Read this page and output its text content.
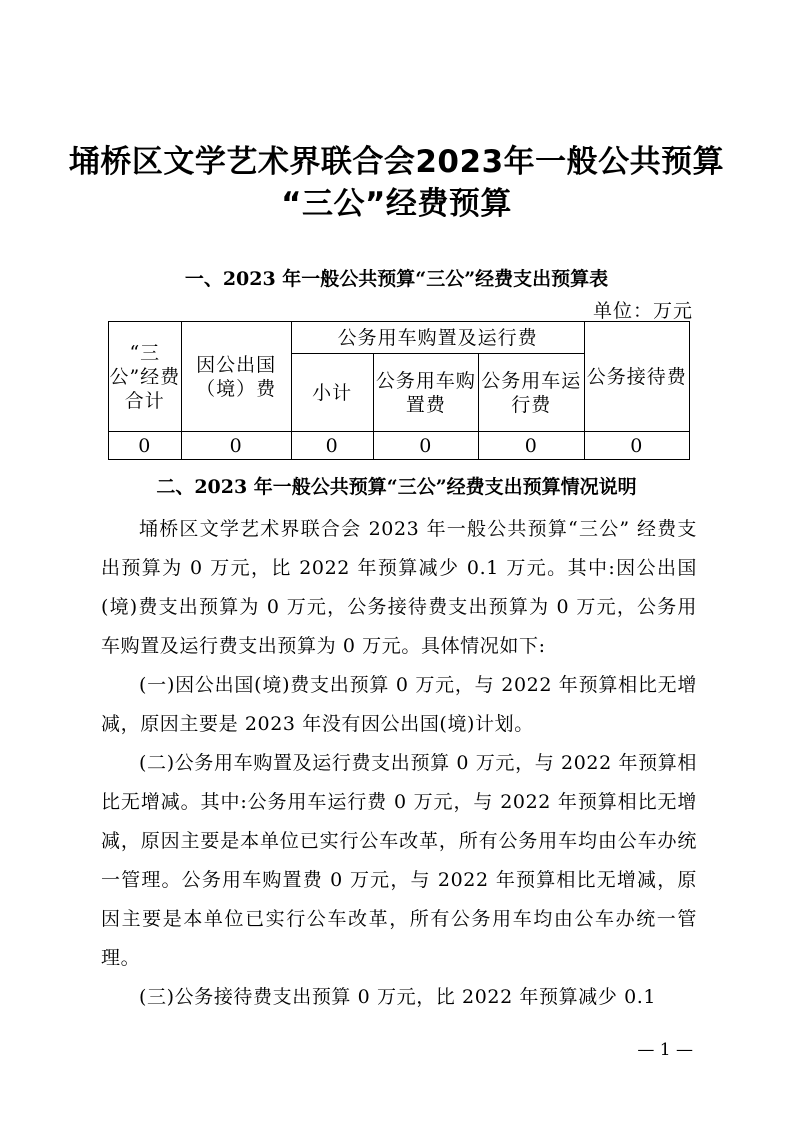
埇桥区文学艺术界联合会2023年一般公共预算
“三公”经费预算
一、2023 年一般公共预算“三公”经费支出预算表
单位：万元
“三公”经费合计	因公出国（境）费	公务用车购置及运行费			公务接待费
		小计	公务用车购置费	公务用车运行费	
0	0	0	0	0	0
二、2023 年一般公共预算“三公”经费支出预算情况说明

埇桥区文学艺术界联合会 2023 年一般公共预算“三公” 经费支出预算为 0 万元，比 2022 年预算减少 0.1 万元。其中:因公出国(境)费支出预算为 0 万元，公务接待费支出预算为 0 万元，公务用车购置及运行费支出预算为 0 万元。具体情况如下:

(一)因公出国(境)费支出预算 0 万元，与 2022 年预算相比无增减，原因主要是 2023 年没有因公出国(境)计划。

(二)公务用车购置及运行费支出预算 0 万元，与 2022 年预算相比无增减。其中:公务用车运行费 0 万元，与 2022 年预算相比无增减，原因主要是本单位已实行公车改革，所有公务用车均由公车办统一管理。公务用车购置费 0 万元，与 2022 年预算相比无增减，原因主要是本单位已实行公车改革，所有公务用车均由公车办统一管理。

(三)公务接待费支出预算 0 万元，比 2022 年预算减少 0.1

— 1 —
